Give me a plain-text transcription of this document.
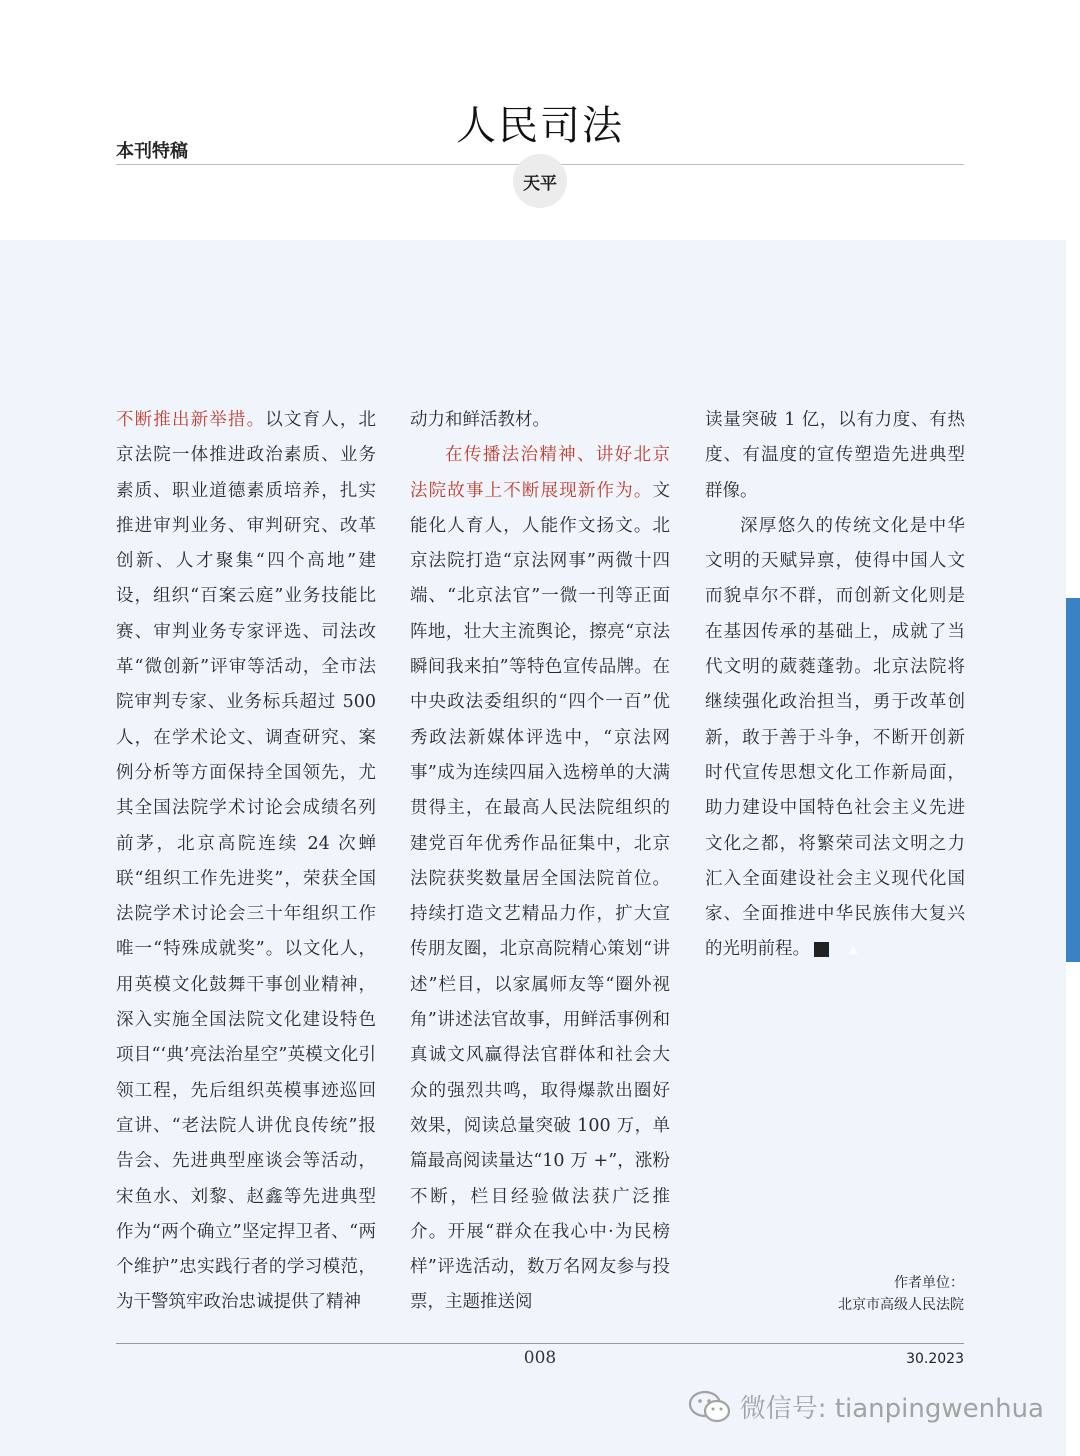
人民司法
本刊特稿
天平

不断推出新举措。以文育人，北京法院一体推进政治素质、业务素质、职业道德素质培养，扎实推进审判业务、审判研究、改革创新、人才聚集“四个高地”建设，组织“百案云庭”业务技能比赛、审判业务专家评选、司法改革“微创新”评审等活动，全市法院审判专家、业务标兵超过 500 人，在学术论文、调查研究、案例分析等方面保持全国领先，尤其全国法院学术讨论会成绩名列前茅，北京高院连续 24 次蝉联“组织工作先进奖”，荣获全国法院学术讨论会三十年组织工作唯一“特殊成就奖”。以文化人，用英模文化鼓舞干事创业精神，深入实施全国法院文化建设特色项目“‘典’亮法治星空”英模文化引领工程，先后组织英模事迹巡回宣讲、“老法院人讲优良传统”报告会、先进典型座谈会等活动，宋鱼水、刘黎、赵鑫等先进典型作为“两个确立”坚定捍卫者、“两个维护”忠实践行者的学习模范，为干警筑牢政治忠诚提供了精神

动力和鲜活教材。

在传播法治精神、讲好北京法院故事上不断展现新作为。文能化人育人，人能作文扬文。北京法院打造“京法网事”两微十四端、“北京法官”一微一刊等正面阵地，壮大主流舆论，擦亮“京法瞬间我来拍”等特色宣传品牌。在中央政法委组织的“四个一百”优秀政法新媒体评选中，“京法网事”成为连续四届入选榜单的大满贯得主，在最高人民法院组织的建党百年优秀作品征集中，北京法院获奖数量居全国法院首位。持续打造文艺精品力作，扩大宣传朋友圈，北京高院精心策划“讲述”栏目，以家属师友等“圈外视角”讲述法官故事，用鲜活事例和真诚文风赢得法官群体和社会大众的强烈共鸣，取得爆款出圈好效果，阅读总量突破 100 万，单篇最高阅读量达“10 万 +”，涨粉不断，栏目经验做法获广泛推介。开展“群众在我心中·为民榜样”评选活动，数万名网友参与投票，主题推送阅

读量突破 1 亿，以有力度、有热度、有温度的宣传塑造先进典型群像。

深厚悠久的传统文化是中华文明的天赋异禀，使得中国人文而貌卓尔不群，而创新文化则是在基因传承的基础上，成就了当代文明的葳蕤蓬勃。北京法院将继续强化政治担当，勇于改革创新，敢于善于斗争，不断开创新时代宣传思想文化工作新局面，助力建设中国特色社会主义先进文化之都，将繁荣司法文明之力汇入全面建设社会主义现代化国家、全面推进中华民族伟大复兴的光明前程。	▲

作者单位：
北京市高级人民法院
008	30.2023
微信号: tianpingwenhua
